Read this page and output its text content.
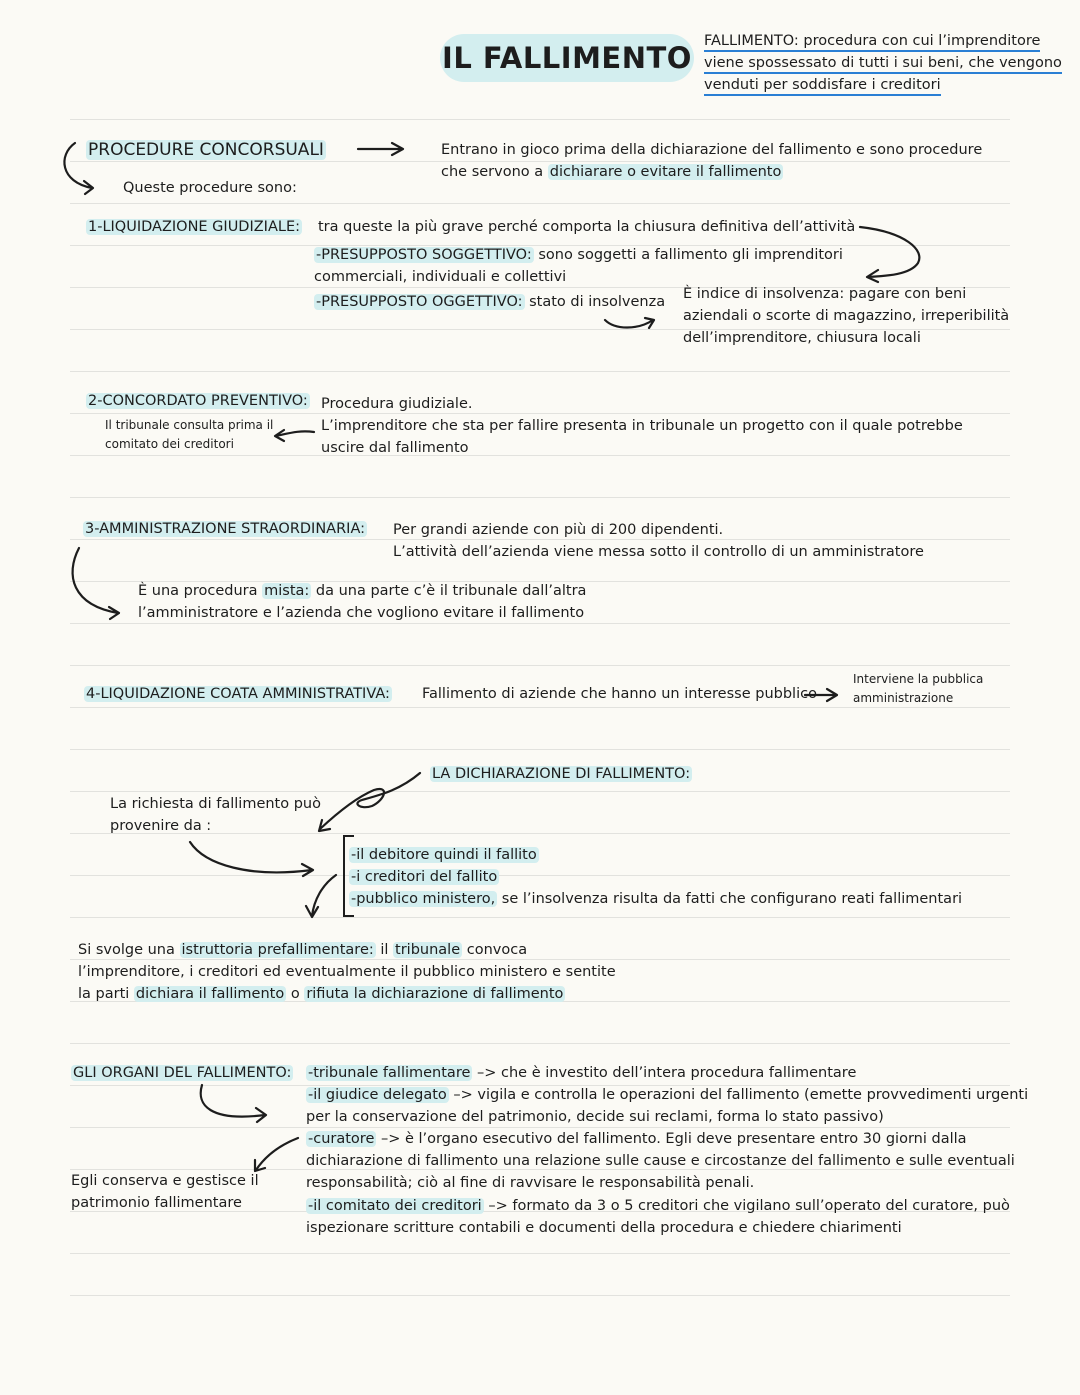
IL FALLIMENTO FALLIMENTO: procedura con cui l’imprenditore
viene spossessato di tutti i sui beni, che vengono
venduti per soddisfare i creditori
PROCEDURE CONCORSUALI	Entrano in gioco prima della dichiarazione del fallimento e sono procedure
che servono a dichiarare o evitare il fallimento
Queste procedure sono:
1-LIQUIDAZIONE GIUDIZIALE: tra queste la più grave perché comporta la chiusura definitiva dell’attività
-PRESUPPOSTO SOGGETTIVO: sono soggetti a fallimento gli imprenditori
commerciali, individuali e collettivi
-PRESUPPOSTO OGGETTIVO: stato di insolvenza È indice di insolvenza: pagare con beni
aziendali o scorte di magazzino, irreperibilità
dell’imprenditore, chiusura locali
2-CONCORDATO PREVENTIVO: Procedura giudiziale.
L’imprenditore che sta per fallire presenta in tribunale un progetto con il quale potrebbe
uscire dal fallimento
Il tribunale consulta prima il
comitato dei creditori
3-AMMINISTRAZIONE STRAORDINARIA: Per grandi aziende con più di 200 dipendenti.
L’attività dell’azienda viene messa sotto il controllo di un amministratore
È una procedura mista: da una parte c’è il tribunale dall’altra
l’amministratore e l’azienda che vogliono evitare il fallimento
4-LIQUIDAZIONE COATA AMMINISTRATIVA: Fallimento di aziende che hanno un interesse pubblico
Interviene la pubblica
amministrazione
LA DICHIARAZIONE DI FALLIMENTO:
La richiesta di fallimento può
provenire da :
-il debitore quindi il fallito
-i creditori del fallito
-pubblico ministero, se l’insolvenza risulta da fatti che configurano reati fallimentari
Si svolge una istruttoria prefallimentare: il tribunale convoca
l’imprenditore, i creditori ed eventualmente il pubblico ministero e sentite
la parti dichiara il fallimento o rifiuta la dichiarazione di fallimento
GLI ORGANI DEL FALLIMENTO: -tribunale fallimentare –> che è investito dell’intera procedura fallimentare
-il giudice delegato –> vigila e controlla le operazioni del fallimento (emette provvedimenti urgenti
per la conservazione del patrimonio, decide sui reclami, forma lo stato passivo)
-curatore –> è l’organo esecutivo del fallimento. Egli deve presentare entro 30 giorni dalla
dichiarazione di fallimento una relazione sulle cause e circostanze del fallimento e sulle eventuali
responsabilità; ciò al fine di ravvisare le responsabilità penali.
-il comitato dei creditori –> formato da 3 o 5 creditori che vigilano sull’operato del curatore, può
ispezionare scritture contabili e documenti della procedura e chiedere chiarimenti
Egli conserva e gestisce il
patrimonio fallimentare
